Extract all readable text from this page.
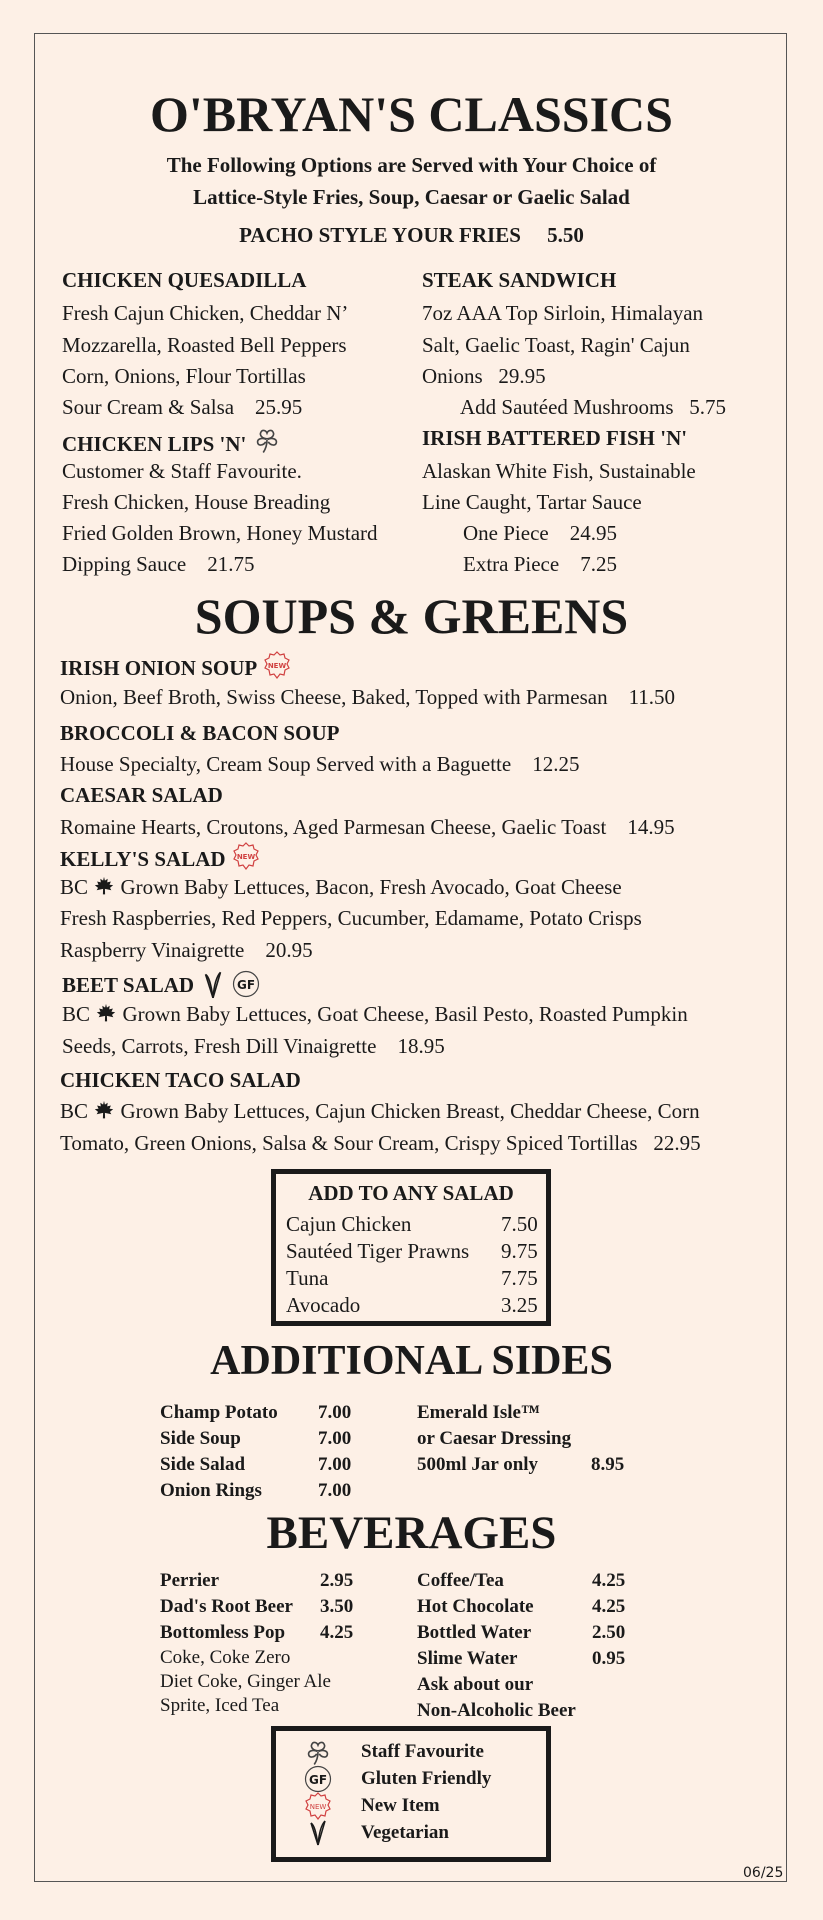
O'BRYAN'S CLASSICS
The Following Options are Served with Your Choice of
Lattice-Style Fries, Soup, Caesar or Gaelic Salad
PACHO STYLE YOUR FRIES     5.50
CHICKEN QUESADILLA
Fresh Cajun Chicken, Cheddar N’
Mozzarella, Roasted Bell Peppers
Corn, Onions, Flour Tortillas
Sour Cream & Salsa    25.95
CHICKEN LIPS 'N'
Customer & Staff Favourite.
Fresh Chicken, House Breading
Fried Golden Brown, Honey Mustard
Dipping Sauce    21.75
STEAK SANDWICH
7oz AAA Top Sirloin, Himalayan
Salt, Gaelic Toast, Ragin' Cajun
Onions   29.95
Add Sautéed Mushrooms   5.75
IRISH BATTERED FISH 'N'
Alaskan White Fish, Sustainable
Line Caught, Tartar Sauce
One Piece    24.95
Extra Piece    7.25
SOUPS & GREENS
IRISH ONION SOUP NEW
Onion, Beef Broth, Swiss Cheese, Baked, Topped with Parmesan    11.50
BROCCOLI & BACON SOUP
House Specialty, Cream Soup Served with a Baguette    12.25
CAESAR SALAD
Romaine Hearts, Croutons, Aged Parmesan Cheese, Gaelic Toast    14.95
KELLY'S SALAD NEW
BC Grown Baby Lettuces, Bacon, Fresh Avocado, Goat Cheese
Fresh Raspberries, Red Peppers, Cucumber, Edamame, Potato Crisps
Raspberry Vinaigrette    20.95
BEET SALAD	GF
BC Grown Baby Lettuces, Goat Cheese, Basil Pesto, Roasted Pumpkin
Seeds, Carrots, Fresh Dill Vinaigrette    18.95
CHICKEN TACO SALAD
BC Grown Baby Lettuces, Cajun Chicken Breast, Cheddar Cheese, Corn
Tomato, Green Onions, Salsa & Sour Cream, Crispy Spiced Tortillas   22.95
ADD TO ANY SALAD
Cajun Chicken	7.50
Sautéed Tiger Prawns 9.75
Tuna	7.75
Avocado	3.25
ADDITIONAL SIDES
Champ Potato 7.00
Side Soup	7.00
Side Salad	7.00
Onion Rings	7.00
Emerald Isle™
or Caesar Dressing
500ml Jar only	8.95
BEVERAGES
Perrier	2.95
Dad's Root Beer 3.50
Bottomless Pop 4.25
Coke, Coke Zero
Diet Coke, Ginger Ale
Sprite, Iced Tea
Coffee/Tea	4.25
Hot Chocolate	4.25
Bottled Water	2.50
Slime Water	0.95
Ask about our
Non-Alcoholic Beer
Staff Favourite
GF Gluten Friendly
NEW New Item
Vegetarian
06/25
